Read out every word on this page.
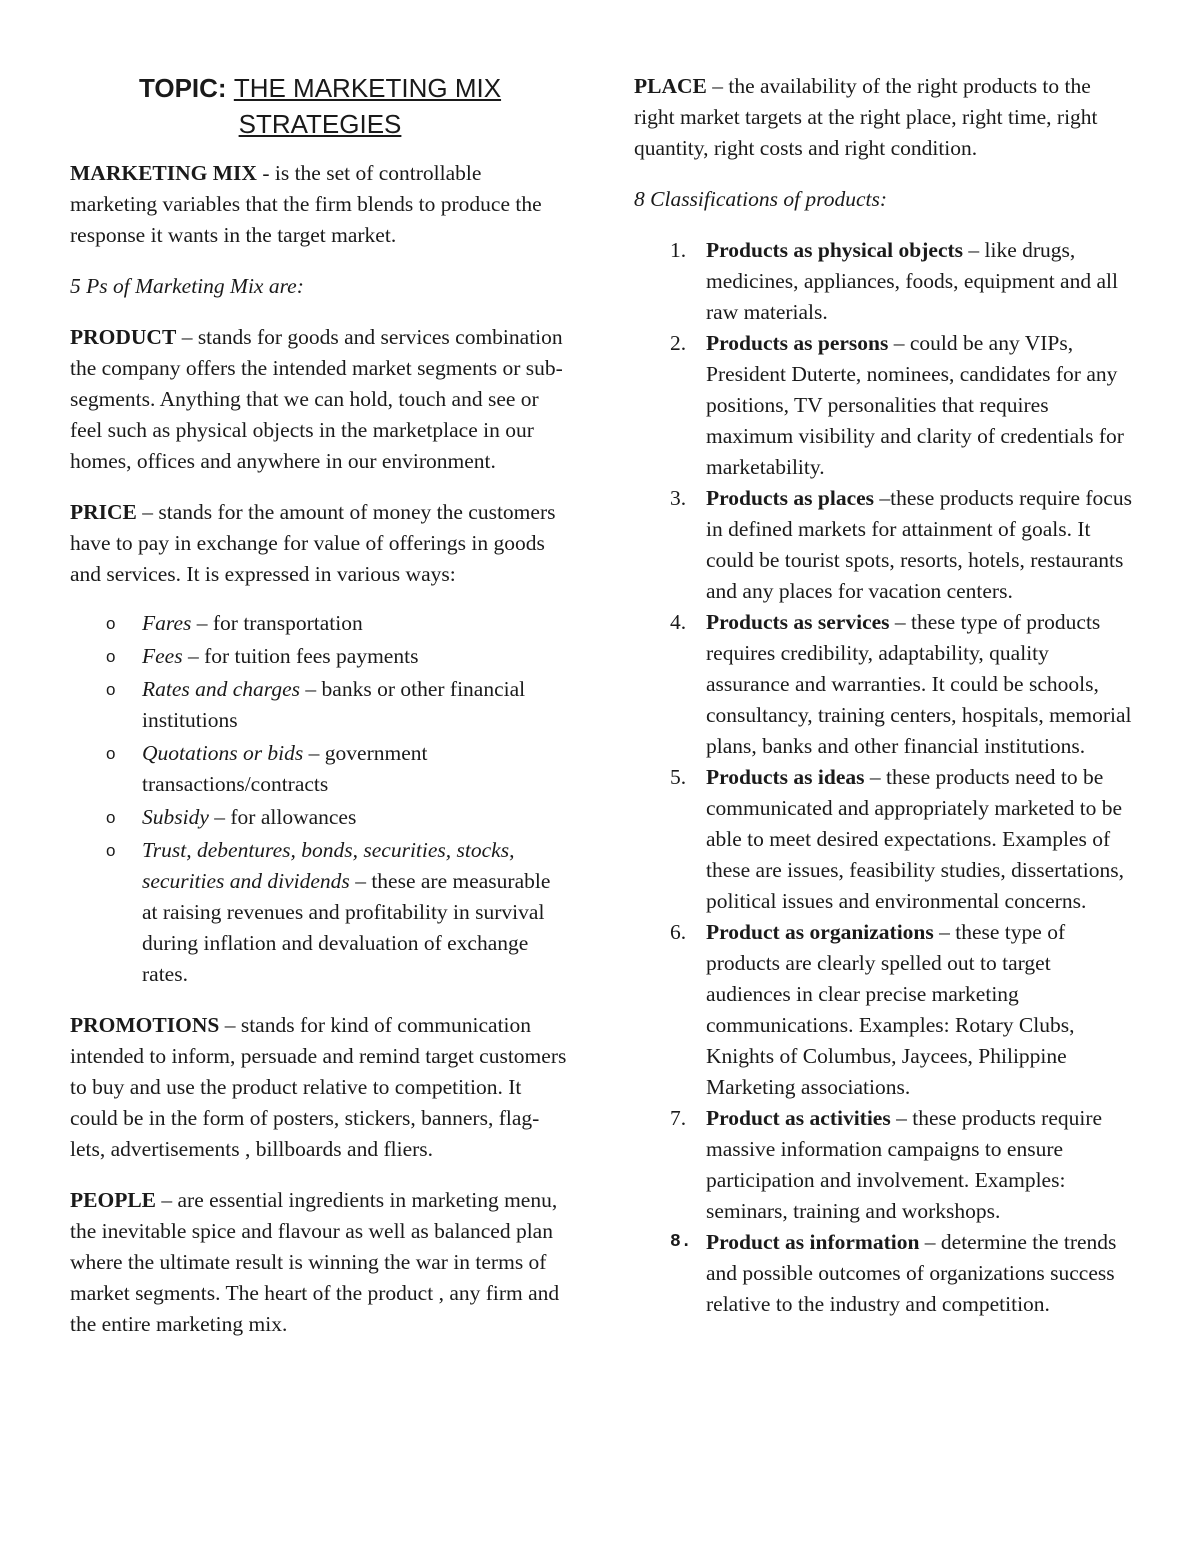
TOPIC: THE MARKETING MIX
STRATEGIES

MARKETING MIX - is the set of controllable marketing variables that the firm blends to produce the response it wants in the target market.

5 Ps of Marketing Mix are:

PRODUCT – stands for goods and services combination the company offers the intended market segments or sub-segments. Anything that we can hold, touch and see or feel such as physical objects in the marketplace in our homes, offices and anywhere in our environment.

PRICE – stands for the amount of money the customers have to pay in exchange for value of offerings in goods and services. It is expressed in various ways:

o Fares – for transportation
o Fees – for tuition fees payments
o Rates and charges – banks or other financial institutions
o Quotations or bids – government transactions/contracts
o Subsidy – for allowances
o Trust, debentures, bonds, securities, stocks, securities and dividends – these are measurable at raising revenues and profitability in survival during inflation and devaluation of exchange rates.

PROMOTIONS – stands for kind of communication intended to inform, persuade and remind target customers to buy and use the product relative to competition. It could be in the form of posters, stickers, banners, flag-lets, advertisements , billboards and fliers.

PEOPLE – are essential ingredients in marketing menu, the inevitable spice and flavour as well as balanced plan where the ultimate result is winning the war in terms of market segments. The heart of the product , any firm and the entire marketing mix.

PLACE – the availability of the right products to the right market targets at the right place, right time, right quantity, right costs and right condition.

8 Classifications of products:

1. Products as physical objects – like drugs, medicines, appliances, foods, equipment and all raw materials.
2. Products as persons – could be any VIPs, President Duterte, nominees, candidates for any positions, TV personalities that requires maximum visibility and clarity of credentials for marketability.
3. Products as places –these products require focus in defined markets for attainment of goals. It could be tourist spots, resorts, hotels, restaurants and any places for vacation centers.
4. Products as services – these type of products requires credibility, adaptability, quality assurance and warranties. It could be schools, consultancy, training centers, hospitals, memorial plans, banks and other financial institutions.
5. Products as ideas – these products need to be communicated and appropriately marketed to be able to meet desired expectations. Examples of these are issues, feasibility studies, dissertations, political issues and environmental concerns.
6. Product as organizations – these type of products are clearly spelled out to target audiences in clear precise marketing communications. Examples: Rotary Clubs, Knights of Columbus, Jaycees, Philippine Marketing associations.
7. Product as activities – these products require massive information campaigns to ensure participation and involvement. Examples: seminars, training and workshops.
8. Product as information – determine the trends and possible outcomes of organizations success relative to the industry and competition.
